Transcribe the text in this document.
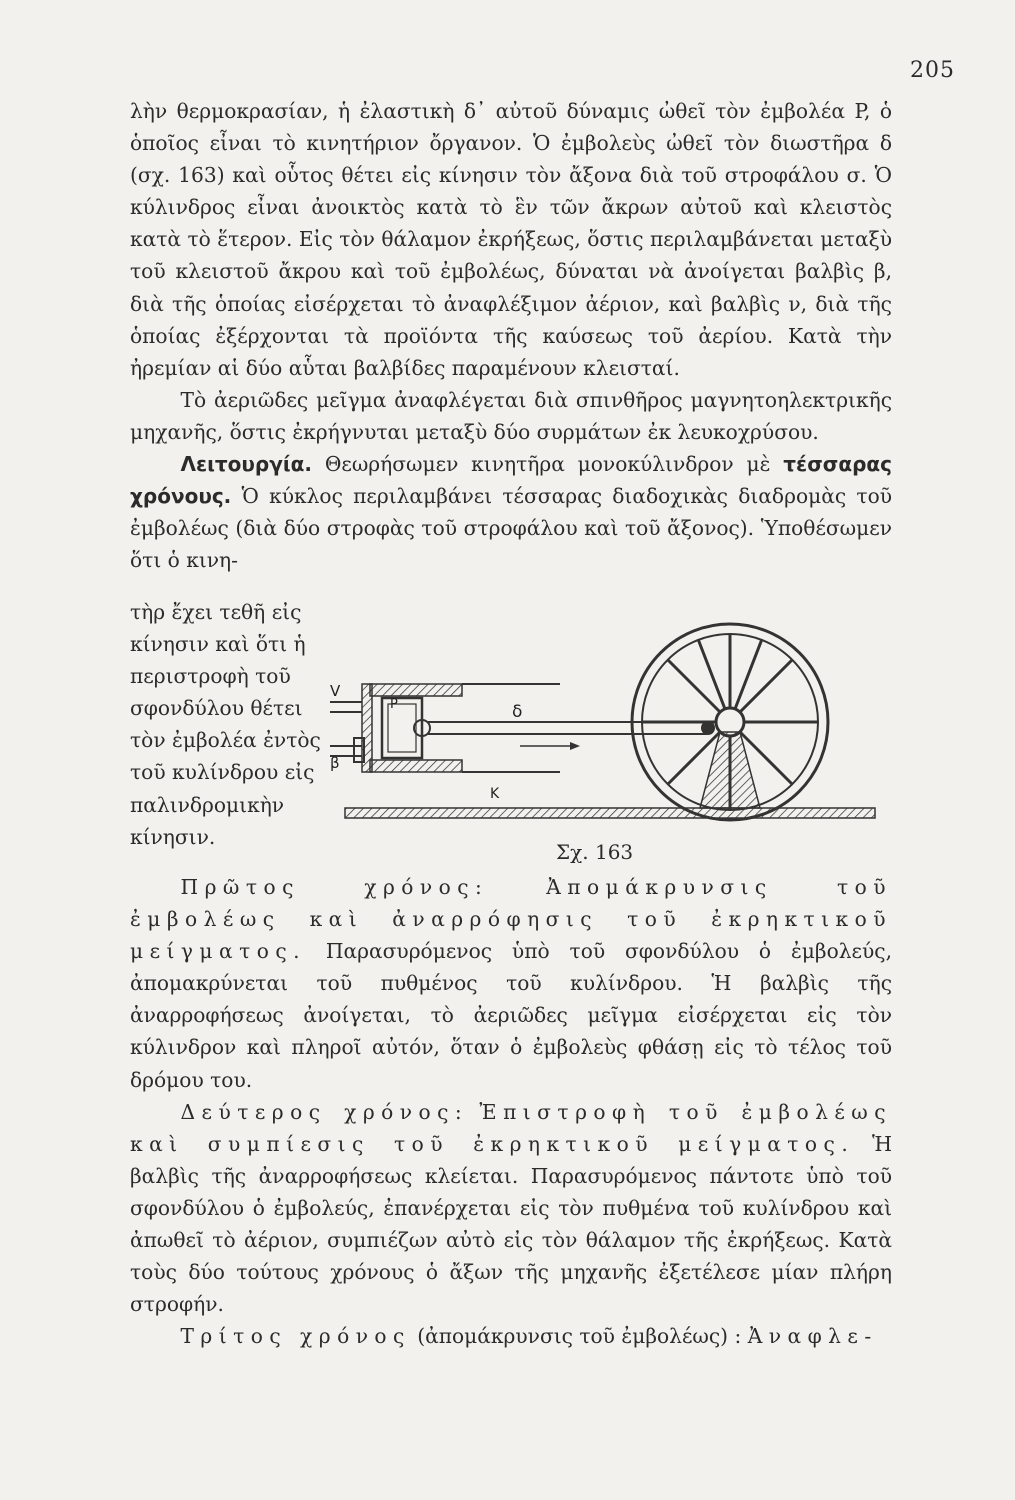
205

λὴν θερμοκρασίαν, ἡ ἐλαστικὴ δ᾽ αὐτοῦ δύναμις ὠθεῖ τὸν ἐμβολέα P, ὁ ὁποῖος εἶναι τὸ κινητήριον ὄργανον. Ὁ ἐμβολεὺς ὠθεῖ τὸν διωστῆρα δ (σχ. 163) καὶ οὗτος θέτει εἰς κίνησιν τὸν ἄξονα διὰ τοῦ στροφάλου σ. Ὁ κύλινδρος εἶναι ἀνοικτὸς κατὰ τὸ ἓν τῶν ἄκρων αὐτοῦ καὶ κλειστὸς κατὰ τὸ ἕτερον. Εἰς τὸν θάλαμον ἐκρήξεως, ὅστις περιλαμβάνεται μεταξὺ τοῦ κλειστοῦ ἄκρου καὶ τοῦ ἐμβολέως, δύναται νὰ ἀνοίγεται βαλβὶς β, διὰ τῆς ὁποίας εἰσέρχεται τὸ ἀναφλέξιμον ἀέριον, καὶ βαλβὶς ν, διὰ τῆς ὁποίας ἐξέρχονται τὰ προϊόντα τῆς καύσεως τοῦ ἀερίου. Κατὰ τὴν ἠρεμίαν αἱ δύο αὗται βαλβίδες παραμένουν κλεισταί.

Τὸ ἀεριῶδες μεῖγμα ἀναφλέγεται διὰ σπινθῆρος μαγνητοηλεκτρικῆς μηχανῆς, ὅστις ἐκρήγνυται μεταξὺ δύο συρμάτων ἐκ λευκοχρύσου.

Λειτουργία. Θεωρήσωμεν κινητῆρα μονοκύλινδρον μὲ τέσσαρας χρόνους. Ὁ κύκλος περιλαμβάνει τέσσαρας διαδοχικὰς διαδρομὰς τοῦ ἐμβολέως (διὰ δύο στροφὰς τοῦ στροφάλου καὶ τοῦ ἄξονος). Ὑποθέσωμεν ὅτι ὁ κινη-

τὴρ ἔχει τεθῆ εἰς κίνησιν καὶ ὅτι ἡ περιστροφὴ τοῦ σφονδύλου θέτει τὸν ἐμβολέα ἐντὸς τοῦ κυλίνδρου εἰς παλινδρομικὴν κίνησιν.

V
P
β
δ
K
Σχ. 163

Πρῶτος χρόνος:	Ἀπομάκρυνσις τοῦ ἐμβολέως καὶ ἀναρρόφησις τοῦ ἐκρηκτικοῦ μείγματος. Παρασυρόμενος ὑπὸ τοῦ σφονδύλου ὁ ἐμβολεύς, ἀπομακρύνεται τοῦ πυθμένος τοῦ κυλίνδρου. Ἡ βαλβὶς τῆς ἀναρροφήσεως ἀνοίγεται, τὸ ἀεριῶδες μεῖγμα εἰσέρχεται εἰς τὸν κύλινδρον καὶ πληροῖ αὐτόν, ὅταν ὁ ἐμβολεὺς φθάσῃ εἰς τὸ τέλος τοῦ δρόμου του.

Δεύτερος χρόνος: Ἐπιστροφὴ τοῦ ἐμβολέως καὶ συμπίεσις τοῦ ἐκρηκτικοῦ μείγματος. Ἡ βαλβὶς τῆς ἀναρροφήσεως κλείεται. Παρασυρόμενος πάντοτε ὑπὸ τοῦ σφονδύλου ὁ ἐμβολεύς, ἐπανέρχεται εἰς τὸν πυθμένα τοῦ κυλίνδρου καὶ ἀπωθεῖ τὸ ἀέριον, συμπιέζων αὐτὸ εἰς τὸν θάλαμον τῆς ἐκρήξεως. Κατὰ τοὺς δύο τούτους χρόνους ὁ ἄξων τῆς μηχανῆς ἐξετέλεσε μίαν πλήρη στροφήν.

Τρίτος χρόνος (ἀπομάκρυνσις τοῦ ἐμβολέως) : Ἀναφλε-
